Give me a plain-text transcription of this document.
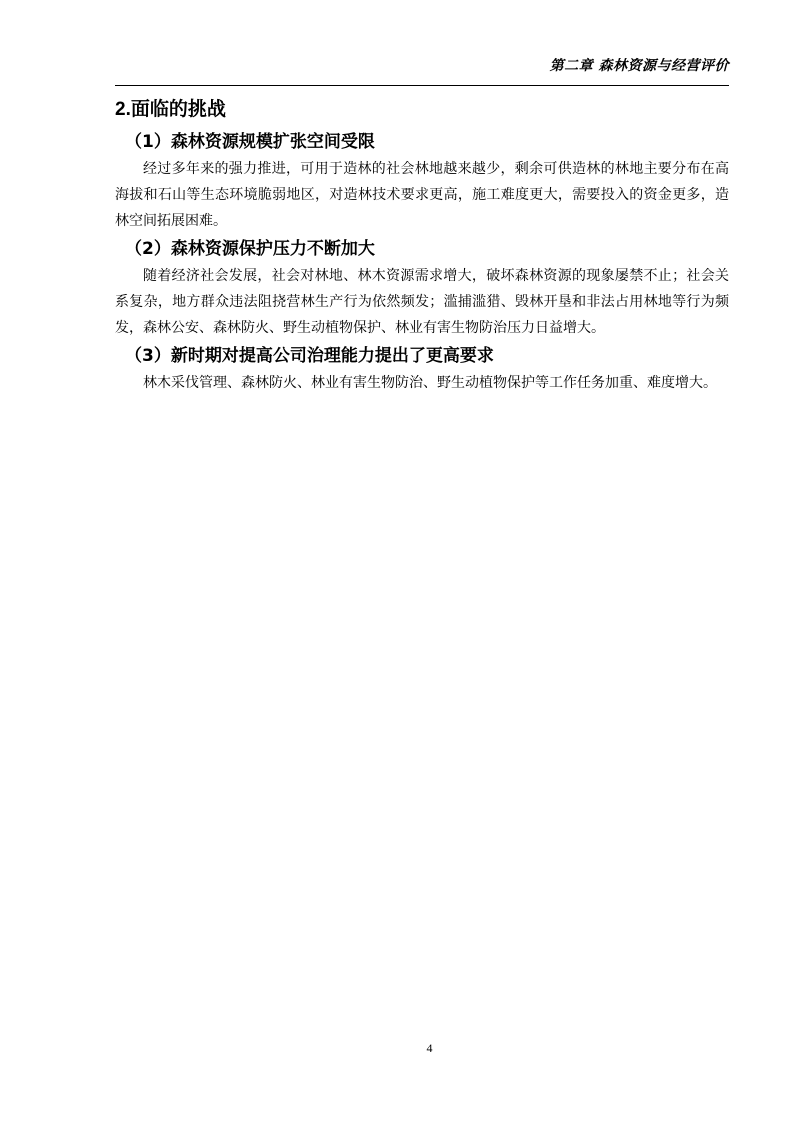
第二章 森林资源与经营评价
2.面临的挑战
（1）森林资源规模扩张空间受限

经过多年来的强力推进，可用于造林的社会林地越来越少，剩余可供造林的林地主要分布在高海拔和石山等生态环境脆弱地区，对造林技术要求更高，施工难度更大，需要投入的资金更多，造林空间拓展困难。

（2）森林资源保护压力不断加大

随着经济社会发展，社会对林地、林木资源需求增大，破坏森林资源的现象屡禁不止；社会关系复杂，地方群众违法阻挠营林生产行为依然频发；滥捕滥猎、毁林开垦和非法占用林地等行为频发，森林公安、森林防火、野生动植物保护、林业有害生物防治压力日益增大。

（3）新时期对提高公司治理能力提出了更高要求

林木采伐管理、森林防火、林业有害生物防治、野生动植物保护等工作任务加重、难度增大。

4
